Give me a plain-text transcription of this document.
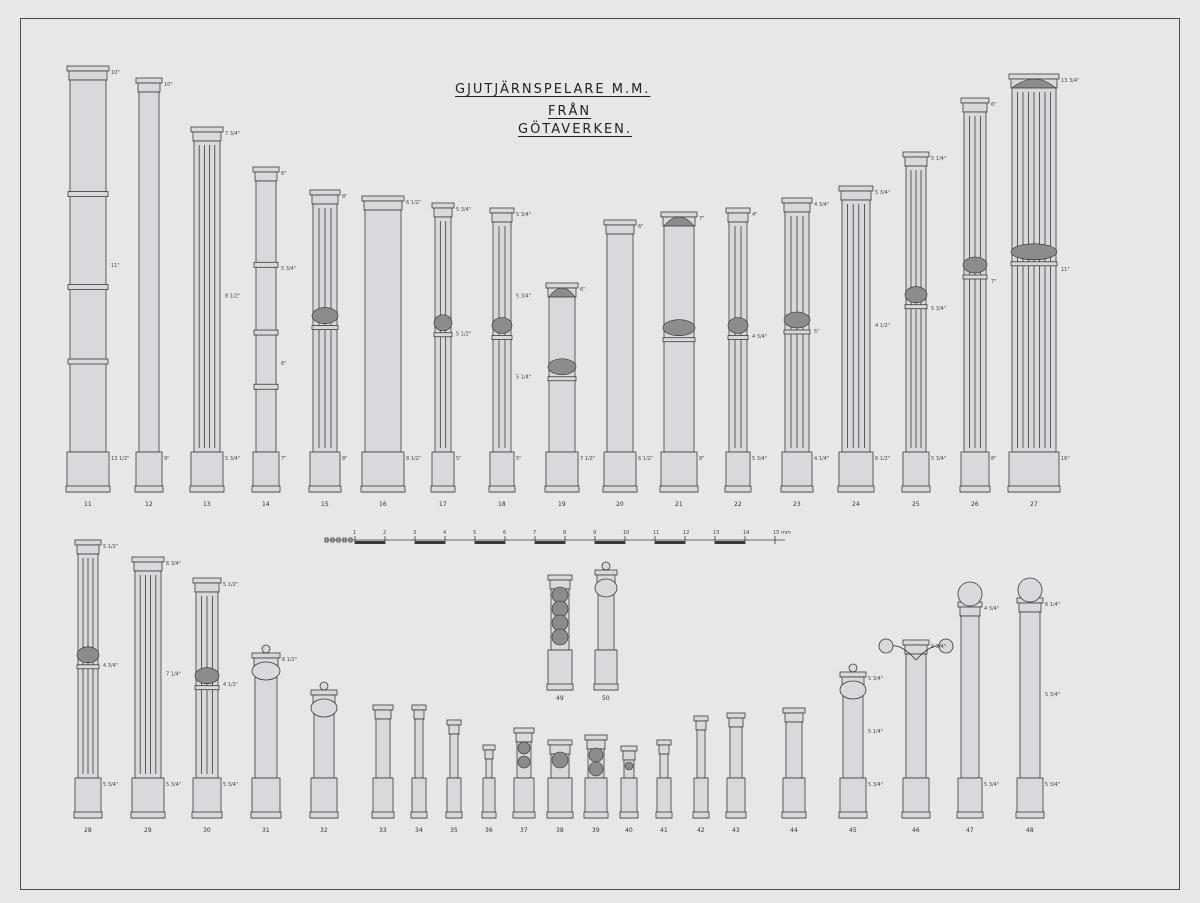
GJUTJÄRNSPELARE M.M.
FRÅN
GÖTAVERKEN.
11
10"
11"
13 1/2"
12
10"
9"
13
7 3/4"
8 1/2"
5 3/4"
14
6"
5 3/4"
6"
7"
15
8"
8"
16
6 1/2"
8 1/2"
17
5 3/4"
5 1/2"
5"
18
5 3/4"
5 3/4"
5 1/4"
5"
19
6"
7 1/2"
20
6"
6 1/2"
21
7"
8"
22
4"
4 3/4"
5 3/4"
23
4 3/4"
5"
4 1/4"
24
5 3/4"
4 1/2"
6 1/2"
25
5 1/4"
5 3/4"
5 3/4"
26
6"
7"
8"
27
13 3/4"
11"
16"
28
5 1/2"
4 3/4"
5 3/4"
29
6 3/4"
7 1/4"
5 3/4"
30
5 1/2"
4 1/2"
5 3/4"
31
6 1/2"
32	33	34	35	36	37	38	39	40	41	42	43	44	45
5 3/4"
5 1/4"
5 3/4"
46
5 3/4"
47
4 3/4"
5 3/4"
48
6 1/4"
5 3/4"
5 3/4"
49	50
1	2	3	4	5	6	7	8	9	10	11	12	13	14	15 mm
